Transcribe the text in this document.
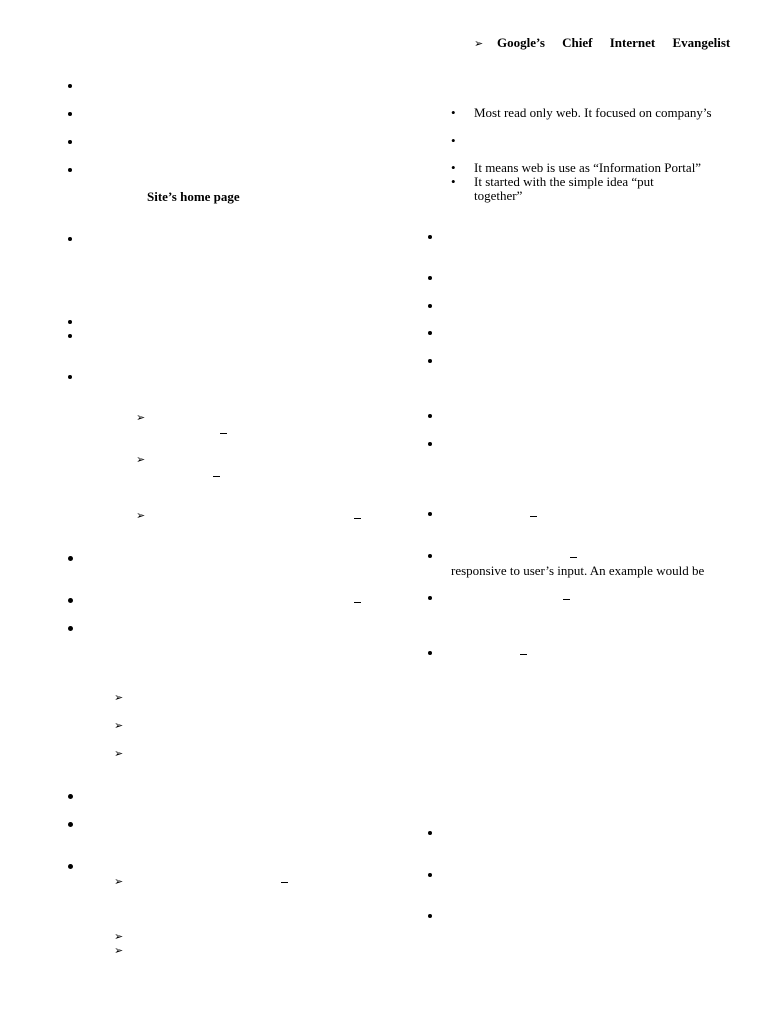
➢ Google’s Chief Internet Evangelist
Site’s home page
➢
➢
➢
➢
➢
➢
➢
➢
➢
• Most read only web. It focused on company’s
•
• It means web is use as “Information Portal”
• It started with the simple idea “put
together”
responsive to user’s input. An example would be
